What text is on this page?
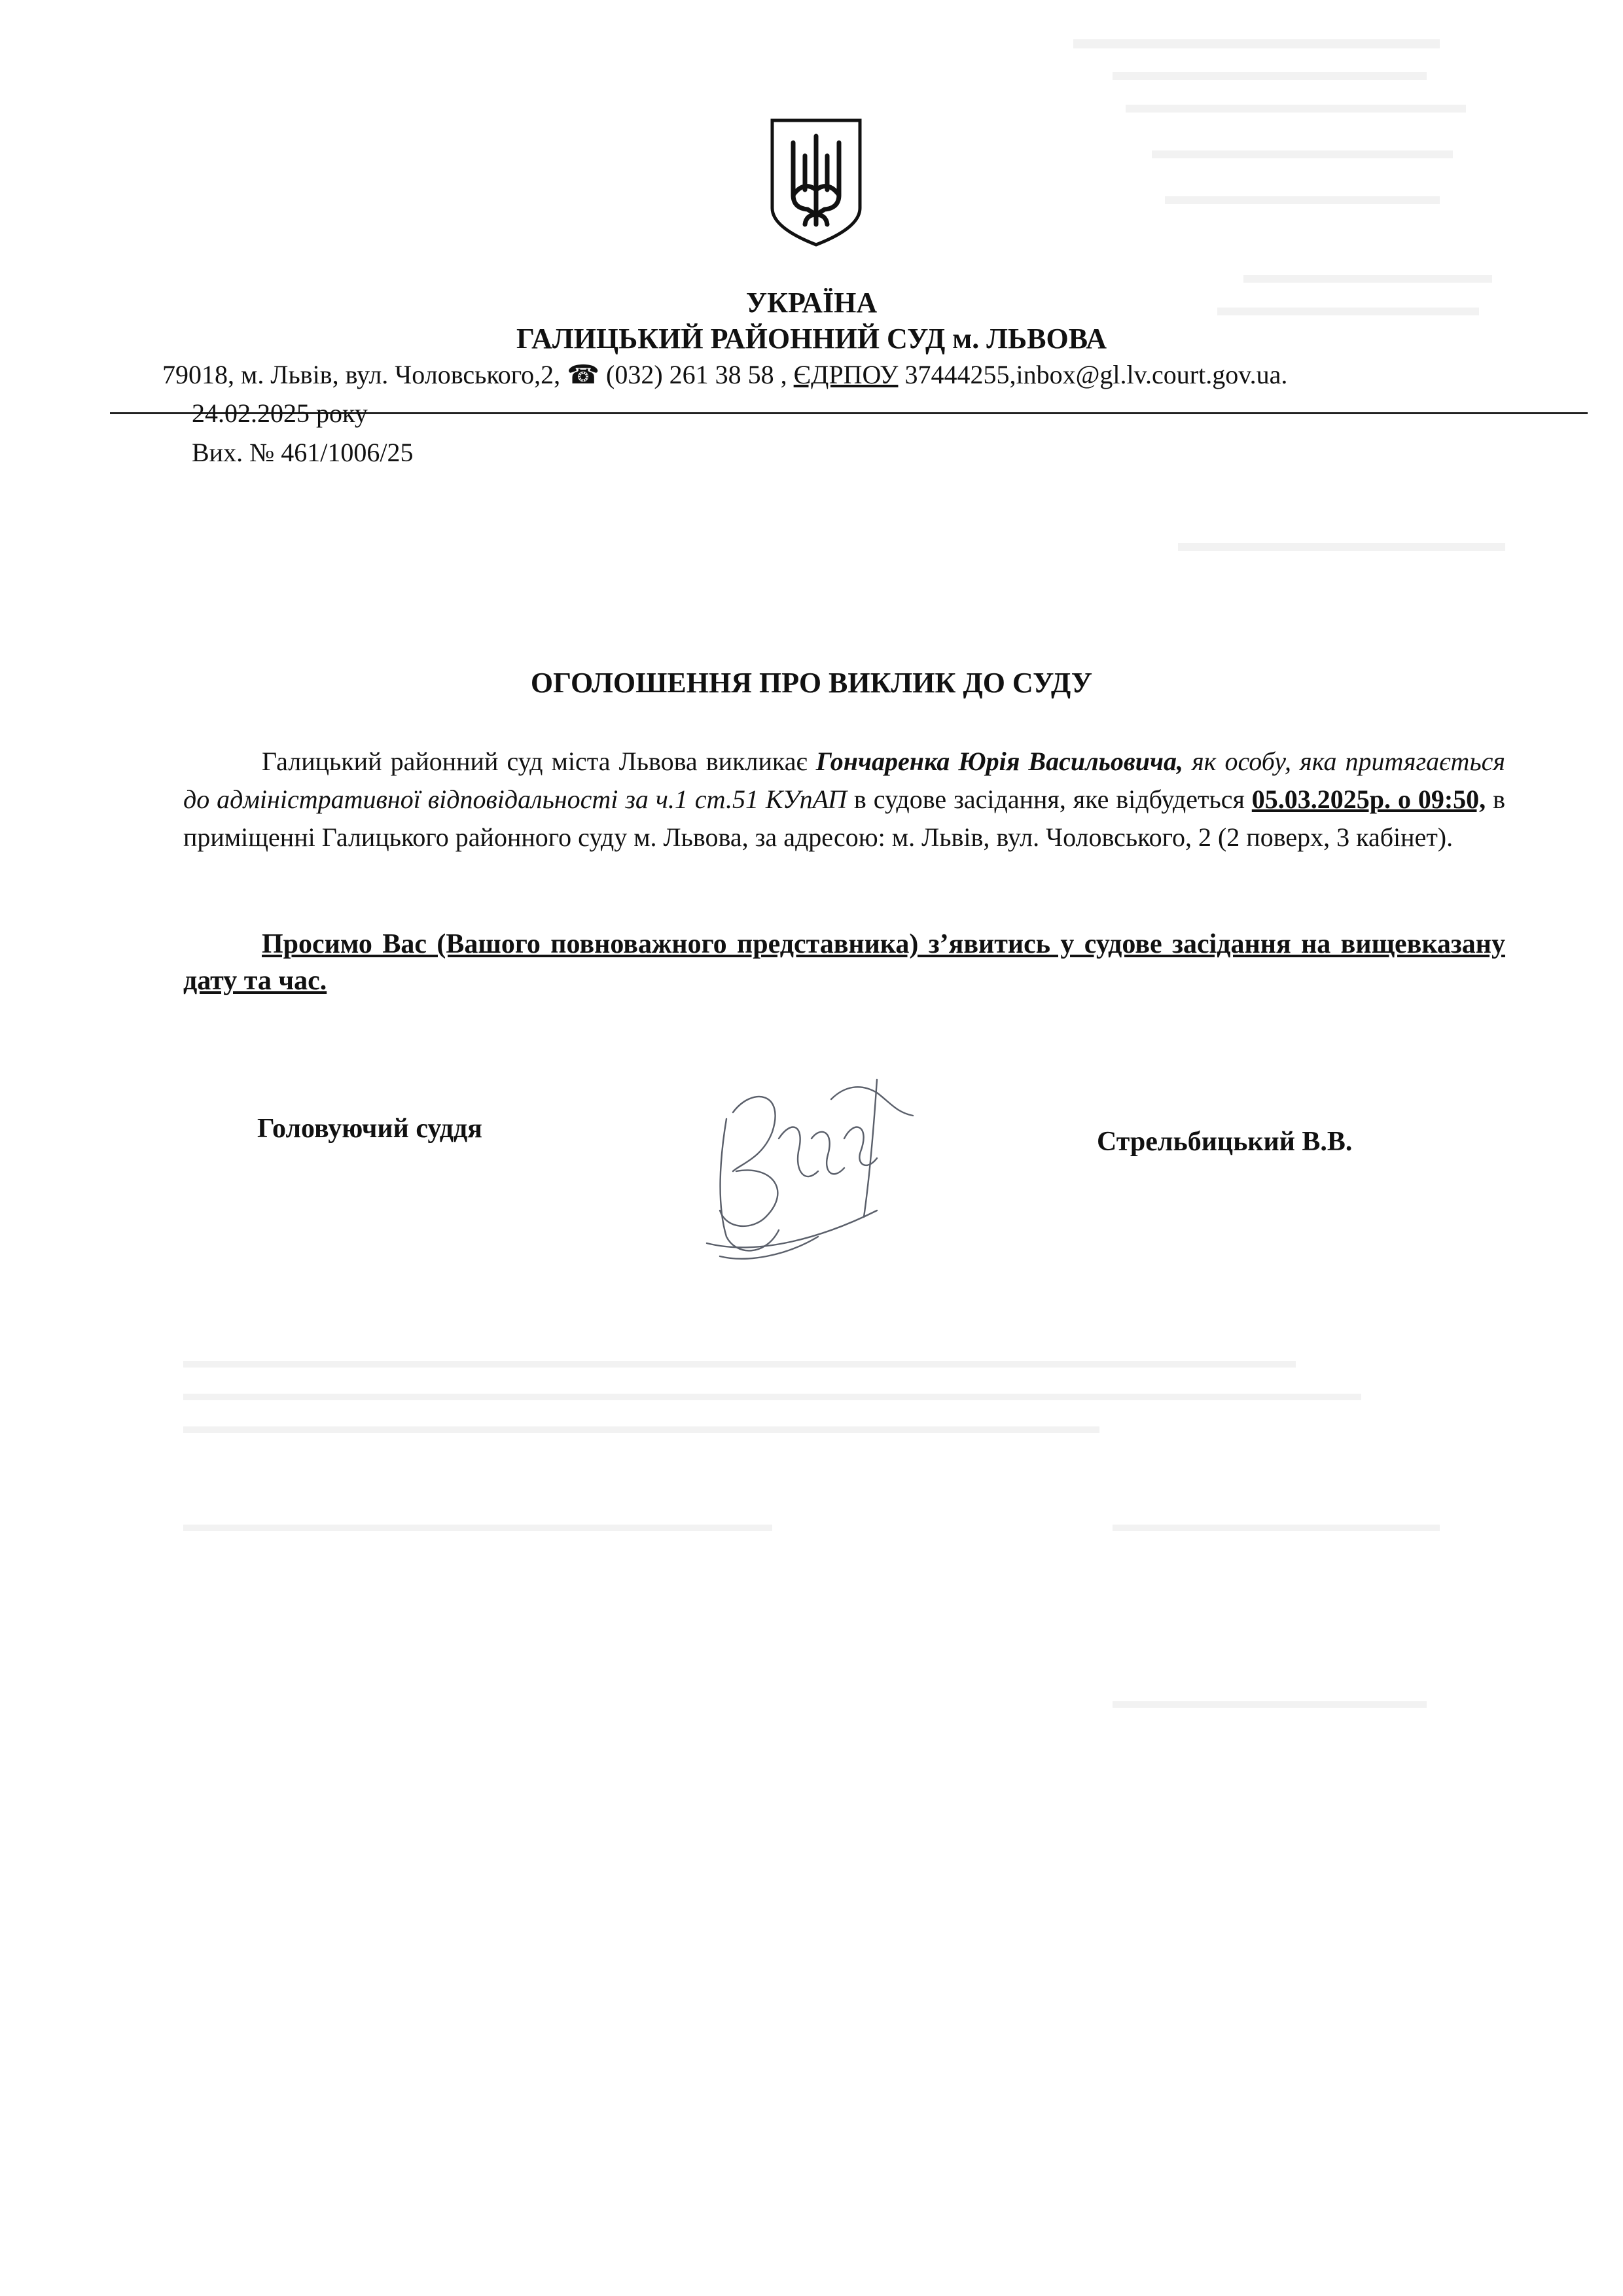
УКРАЇНА
ГАЛИЦЬКИЙ РАЙОННИЙ СУД м. ЛЬВОВА
79018, м. Львів, вул. Чоловського,2, ☎ (032) 261 38 58 , ЄДРПОУ 37444255,inbox@gl.lv.court.gov.ua.
24.02.2025 року
Вих. № 461/1006/25
ОГОЛОШЕННЯ ПРО ВИКЛИК ДО СУДУ

Галицький районний суд міста Львова викликає Гончаренка Юрія Васильовича, як особу, яка притягається до адміністративної відповідальності за ч.1 ст.51 КУпАП в судове засідання, яке відбудеться 05.03.2025р. о 09:50, в приміщенні Галицького районного суду м. Львова, за адресою: м. Львів, вул. Чоловського, 2 (2 поверх, 3 кабінет).

Просимо Вас (Вашого повноважного представника) з’явитись у судове засідання на вищевказану дату та час.

Головуючий суддя	Стрельбицький В.В.
